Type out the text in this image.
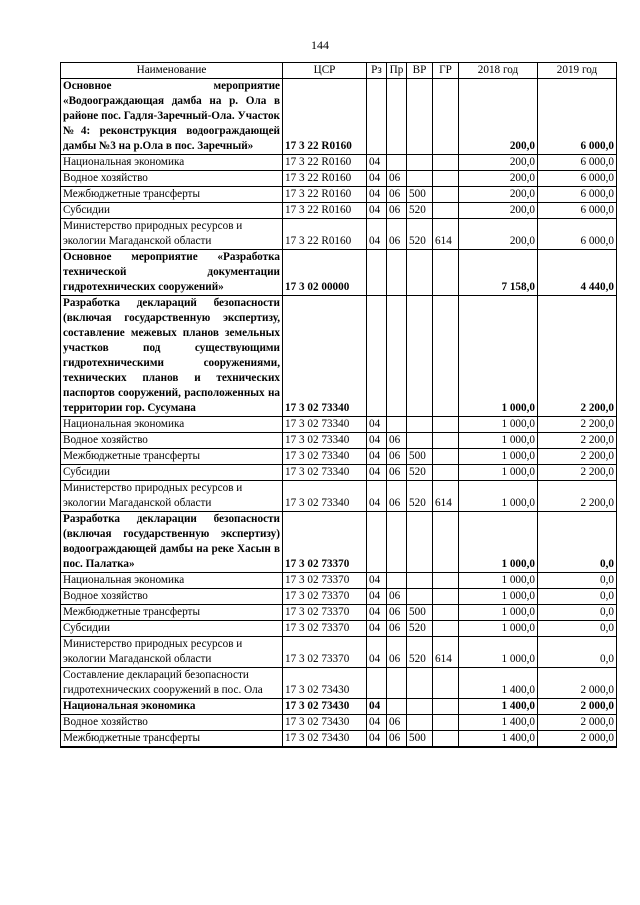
144
Наименование	ЦСР	Рз	Пр	ВР	ГР	2018 год	2019 год
Основное мероприятие «Водоограждающая дамба на р. Ола в районе пос. Гадля-Заречный-Ола. Участок №4: реконструкция водоограждающей дамбы №3 на р.Ола в пос. Заречный»	17 3 22 R0160					200,0	6 000,0
Национальная экономика	17 3 22 R0160	04				200,0	6 000,0
Водное хозяйство	17 3 22 R0160	04	06			200,0	6 000,0
Межбюджетные трансферты	17 3 22 R0160	04	06	500		200,0	6 000,0
Субсидии	17 3 22 R0160	04	06	520		200,0	6 000,0
Министерство природных ресурсов и экологии Магаданской области	17 3 22 R0160	04	06	520	614	200,0	6 000,0
Основное мероприятие «Разработка технической документации гидротехнических сооружений»	17 3 02 00000					7 158,0	4 440,0
Разработка деклараций безопасности (включая государственную экспертизу, составление межевых планов земельных участков под существующими гидротехническими сооружениями, технических планов и технических паспортов сооружений, расположенных на территории гор. Сусумана	17 3 02 73340					1 000,0	2 200,0
Национальная экономика	17 3 02 73340	04				1 000,0	2 200,0
Водное хозяйство	17 3 02 73340	04	06			1 000,0	2 200,0
Межбюджетные трансферты	17 3 02 73340	04	06	500		1 000,0	2 200,0
Субсидии	17 3 02 73340	04	06	520		1 000,0	2 200,0
Министерство природных ресурсов и экологии Магаданской области	17 3 02 73340	04	06	520	614	1 000,0	2 200,0
Разработка декларации безопасности (включая государственную экспертизу) водоограждающей дамбы на реке Хасын в пос. Палатка»	17 3 02 73370					1 000,0	0,0
Национальная экономика	17 3 02 73370	04				1 000,0	0,0
Водное хозяйство	17 3 02 73370	04	06			1 000,0	0,0
Межбюджетные трансферты	17 3 02 73370	04	06	500		1 000,0	0,0
Субсидии	17 3 02 73370	04	06	520		1 000,0	0,0
Министерство природных ресурсов и экологии Магаданской области	17 3 02 73370	04	06	520	614	1 000,0	0,0
Составление деклараций безопасности гидротехнических сооружений в пос. Ола	17 3 02 73430					1 400,0	2 000,0
Национальная экономика	17 3 02 73430	04				1 400,0	2 000,0
Водное хозяйство	17 3 02 73430	04	06			1 400,0	2 000,0
Межбюджетные трансферты	17 3 02 73430	04	06	500		1 400,0	2 000,0
